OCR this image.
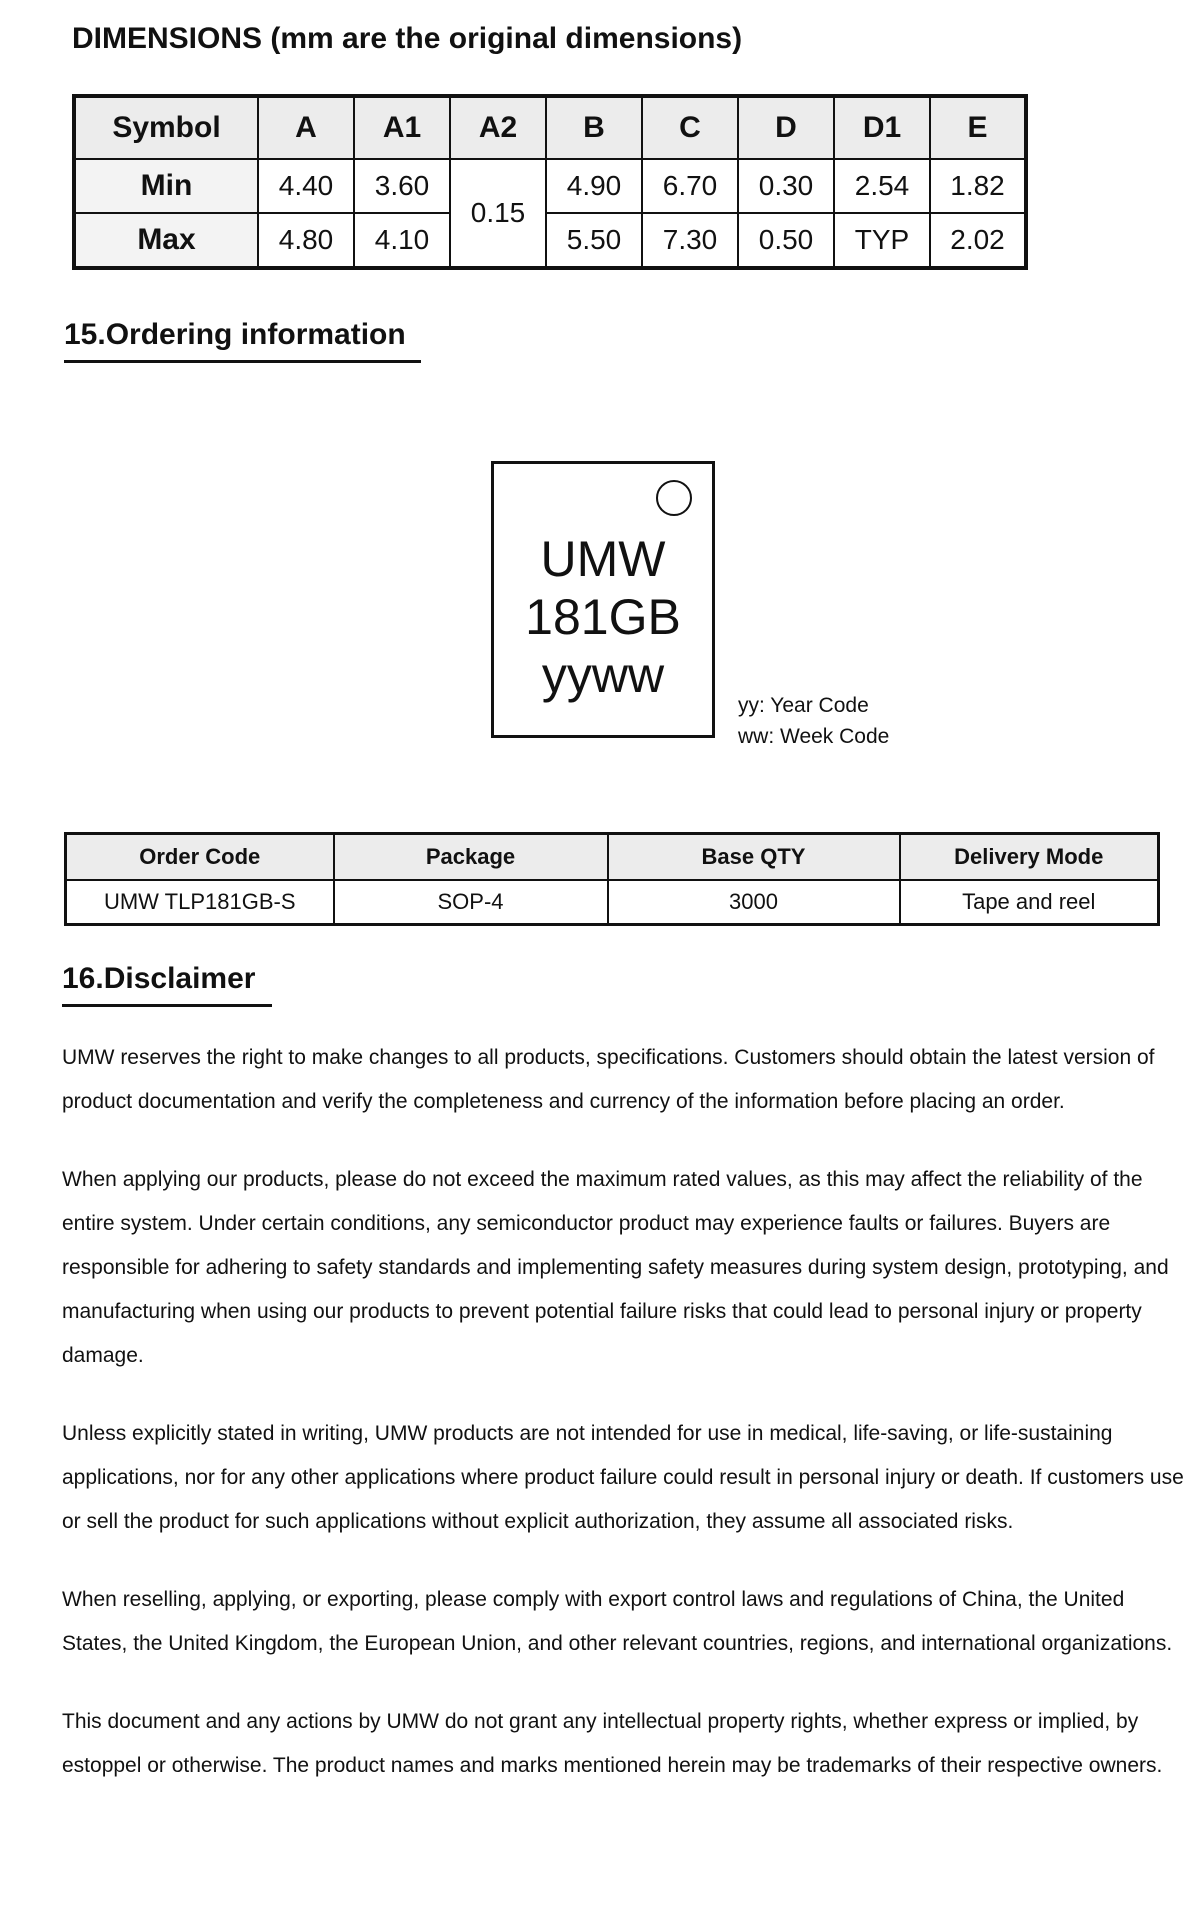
DIMENSIONS (mm are the original dimensions)
Symbol	A	A1	A2	B	C	D	D1	E
Min	4.40	3.60	0.15	4.90	6.70	0.30	2.54	1.82
Max	4.80	4.10		5.50	7.30	0.50	TYP	2.02
15.Ordering information
UMW
181GB
yyww
yy: Year Code
ww: Week Code
Order Code	Package	Base QTY	Delivery Mode
UMW TLP181GB-S	SOP-4	3000	Tape and reel
16.Disclaimer

UMW reserves the right to make changes to all products, specifications. Customers should obtain the latest version of product documentation and verify the completeness and currency of the information before placing an order.

When applying our products, please do not exceed the maximum rated values, as this may affect the reliability of the entire system. Under certain conditions, any semiconductor product may experience faults or failures. Buyers are responsible for adhering to safety standards and implementing safety measures during system design, prototyping, and manufacturing when using our products to prevent potential failure risks that could lead to personal injury or property damage.

Unless explicitly stated in writing, UMW products are not intended for use in medical, life-saving, or life-sustaining applications, nor for any other applications where product failure could result in personal injury or death. If customers use or sell the product for such applications without explicit authorization, they assume all associated risks.

When reselling, applying, or exporting, please comply with export control laws and regulations of China, the United States, the United Kingdom, the European Union, and other relevant countries, regions, and international organizations.

This document and any actions by UMW do not grant any intellectual property rights, whether express or implied, by estoppel or otherwise. The product names and marks mentioned herein may be trademarks of their respective owners.
